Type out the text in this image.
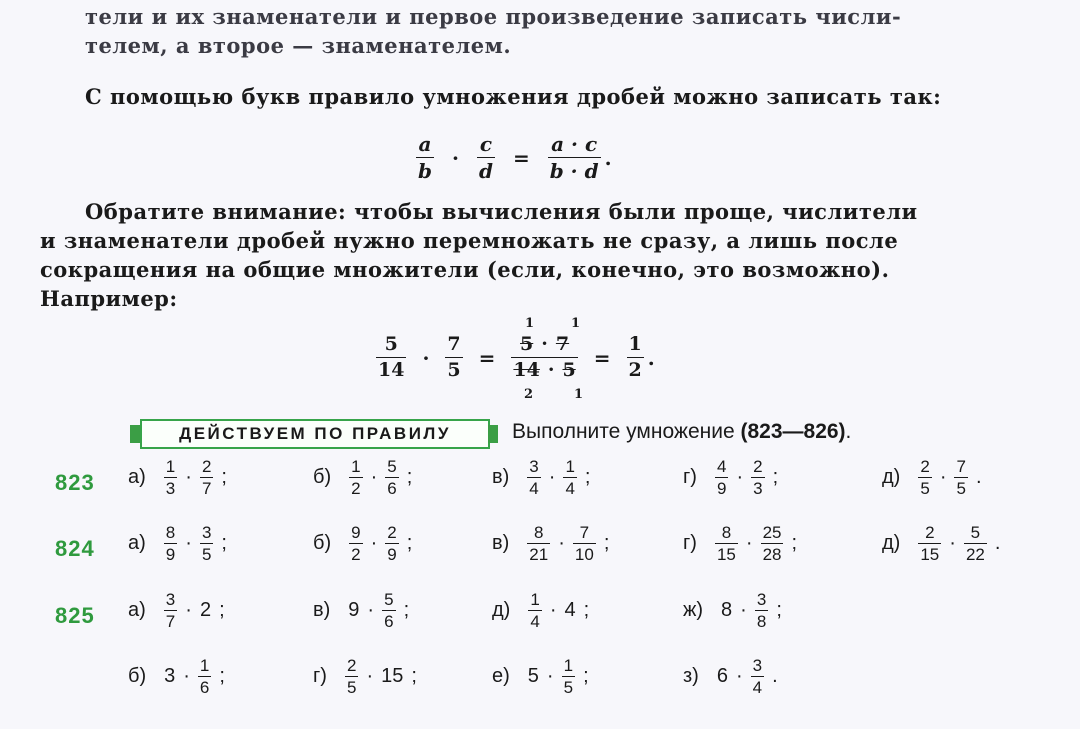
тели и их знаменатели и первое произведение записать числи-
телем, а второе — знаменателем.
С помощью букв правило умножения дробей можно записать так:
$\frac{a}{b} \cdot \frac{c}{d} = \frac{a \cdot c}{b \cdot d}$ .
Обратите внимание: чтобы вычисления были проще, числители
и знаменатели дробей нужно перемножать не сразу, а лишь после
сокращения на общие множители (если, конечно, это возможно).
Например:
$\frac{5}{14} \cdot \frac{7}{5} = \frac{5 \cdot 7}{14 \cdot 5} = \frac{1}{2}$ .
1	1
2	1
ДЕЙСТВУЕМ ПО ПРАВИЛУ	Выполните умножение (823—826).
823 $а) \frac{1}{3} \cdot \frac{2}{7}$ ;	$б) \frac{1}{2} \cdot \frac{5}{6}$ ;	$в) \frac{3}{4} \cdot \frac{1}{4}$ ;	$г) \frac{4}{9} \cdot \frac{2}{3}$ ;	$д) \frac{2}{5} \cdot \frac{7}{5}$ .
824 $а) \frac{8}{9} \cdot \frac{3}{5}$ ;	$б) \frac{9}{2} \cdot \frac{2}{9}$ ;	$в) \frac{8}{21} \cdot \frac{7}{10}$ ;	$г) \frac{8}{15} \cdot \frac{25}{28}$ ;	$д) \frac{2}{15} \cdot \frac{5}{22}$ .
825 $а) \frac{3}{7} \cdot 2$ ;	в) $9 \cdot \frac{5}{6}$ ;	$д) \frac{1}{4} \cdot 4$ ;	ж) $8 \cdot \frac{3}{8}$ ;
б) $3 \cdot \frac{1}{6}$ ;	$г) \frac{2}{5} \cdot 15$ ;	е) $5 \cdot \frac{1}{5}$ ;	з) $6 \cdot \frac{3}{4}$ .
